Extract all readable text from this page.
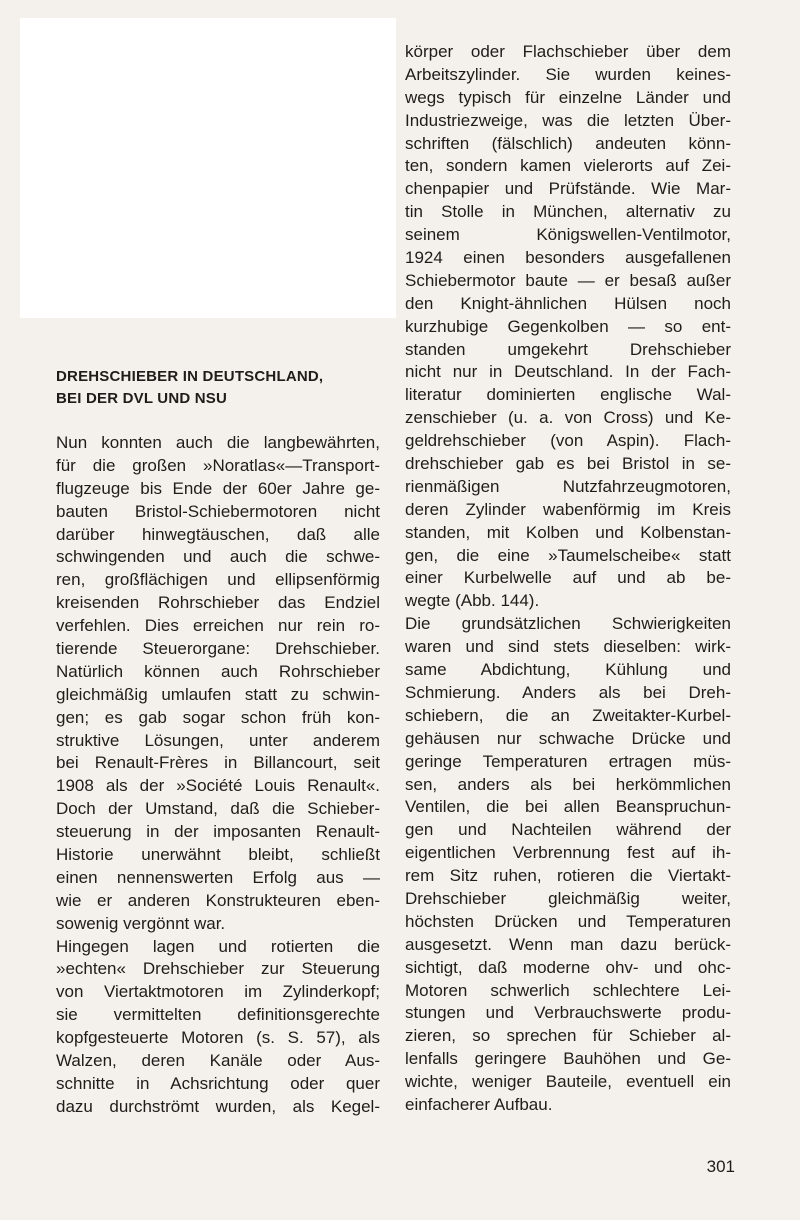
DREHSCHIEBER IN DEUTSCHLAND,
BEI DER DVL UND NSU
Nun konnten auch die langbewährten,
für die großen »Noratlas«—Transport-
flugzeuge bis Ende der 60er Jahre ge-
bauten Bristol-Schiebermotoren nicht
darüber hinwegtäuschen, daß alle
schwingenden und auch die schwe-
ren, großflächigen und ellipsenförmig
kreisenden Rohrschieber das Endziel
verfehlen. Dies erreichen nur rein ro-
tierende Steuerorgane: Drehschieber.
Natürlich können auch Rohrschieber
gleichmäßig umlaufen statt zu schwin-
gen; es gab sogar schon früh kon-
struktive Lösungen, unter anderem
bei Renault-Frères in Billancourt, seit
1908 als der »Société Louis Renault«.
Doch der Umstand, daß die Schieber-
steuerung in der imposanten Renault-
Historie unerwähnt bleibt, schließt
einen nennenswerten Erfolg aus —
wie er anderen Konstrukteuren eben-
sowenig vergönnt war.
Hingegen lagen und rotierten die
»echten« Drehschieber zur Steuerung
von Viertaktmotoren im Zylinderkopf;
sie vermittelten definitionsgerechte
kopfgesteuerte Motoren (s. S. 57), als
Walzen, deren Kanäle oder Aus-
schnitte in Achsrichtung oder quer
dazu durchströmt wurden, als Kegel-
körper oder Flachschieber über dem
Arbeitszylinder. Sie wurden keines-
wegs typisch für einzelne Länder und
Industriezweige, was die letzten Über-
schriften (fälschlich) andeuten könn-
ten, sondern kamen vielerorts auf Zei-
chenpapier und Prüfstände. Wie Mar-
tin Stolle in München, alternativ zu
seinem Königswellen-Ventilmotor,
1924 einen besonders ausgefallenen
Schiebermotor baute — er besaß außer
den Knight-ähnlichen Hülsen noch
kurzhubige Gegenkolben — so ent-
standen umgekehrt Drehschieber
nicht nur in Deutschland. In der Fach-
literatur dominierten englische Wal-
zenschieber (u. a. von Cross) und Ke-
geldrehschieber (von Aspin). Flach-
drehschieber gab es bei Bristol in se-
rienmäßigen Nutzfahrzeugmotoren,
deren Zylinder wabenförmig im Kreis
standen, mit Kolben und Kolbenstan-
gen, die eine »Taumelscheibe« statt
einer Kurbelwelle auf und ab be-
wegte (Abb. 144).
Die grundsätzlichen Schwierigkeiten
waren und sind stets dieselben: wirk-
same Abdichtung, Kühlung und
Schmierung. Anders als bei Dreh-
schiebern, die an Zweitakter-Kurbel-
gehäusen nur schwache Drücke und
geringe Temperaturen ertragen müs-
sen, anders als bei herkömmlichen
Ventilen, die bei allen Beanspruchun-
gen und Nachteilen während der
eigentlichen Verbrennung fest auf ih-
rem Sitz ruhen, rotieren die Viertakt-
Drehschieber gleichmäßig weiter,
höchsten Drücken und Temperaturen
ausgesetzt. Wenn man dazu berück-
sichtigt, daß moderne ohv- und ohc-
Motoren schwerlich schlechtere Lei-
stungen und Verbrauchswerte produ-
zieren, so sprechen für Schieber al-
lenfalls geringere Bauhöhen und Ge-
wichte, weniger Bauteile, eventuell ein
einfacherer Aufbau.
301
